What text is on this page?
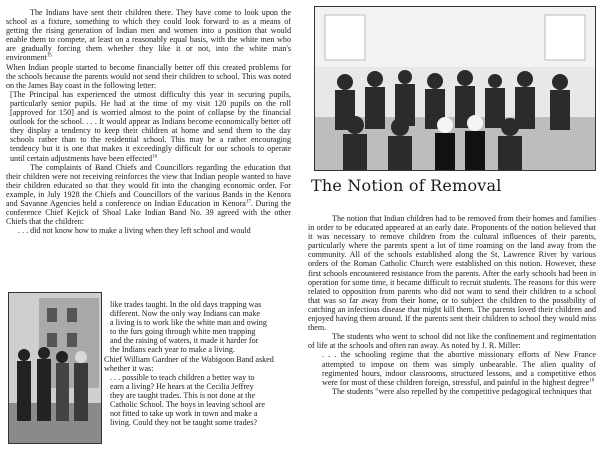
The Indians have sent their children there. They have come to look upon the school as a fixture, something to which they could look forward to as a means of getting the rising generation of Indian men and women into a position that would enable them to compete, at least on a reasonably equal basis, with the white men who are gradually forcing them whether they like it or not, into the white man's environment$^{15}$

When Indian people started to become financially better off this created problems for the schools because the parents would not send their children to school. This was noted on the James Bay coast in the following letter:

[The Principal has experienced the utmost difficulty this year in securing pupils, particularly senior pupils. He had at the time of my visit 120 pupils on the roll [approved for 150] and is worried almost to the point of collapse by the financial outlook for the school. . . . It would appear as Indians become economically better off they display a tendency to keep their children at home and send them to the day schools rather than to the residential school. This may be a rather encouraging tendency but it is one that makes it exceedingly difficult for our schools to operate until certain adjustments have been effected$^{16}$

The complaints of Band Chiefs and Councillors regarding the education that their children were not receiving reinforces the view that Indian people wanted to have their children educated so that they would fit into the changing economic order. For example, in July 1928 the Chiefs and Councillors of the various Bands in the Kenora and Savanne Agencies held a conference on Indian Education in Kenora$^{17}$. During the conference Chief Kejick of Shoal Lake Indian Band No. 39 agreed with the other Chiefs that the children:

. . . did not know how to make a living when they left school and would

like trades taught. In the old days trapping was

different. Now the only way Indians can make

a living is to work like the white man and owing

to the furs going through white men trapping

and the raising of waters, it made it harder for

the Indians each year to make a living.

Chief William Gardner of the Wabigoon Band asked

whether it was:

. . . possible to teach children a better way to

earn a living? He hears at the Cecilia Jeffrey

they are taught trades. This is not done at the

Catholic School. The boys in leaving school are

not fitted to take up work in town and make a

living. Could they not be taught some trades?

The Notion of Removal

The notion that Indian children had to be removed from their homes and families in order to be educated appeared at an early date. Proponents of the notion believed that it was necessary to remove children from the cultural influences of their parents, particularly where the parents spent a lot of time roaming on the land away from the community. All of the schools established along the St. Lawrence River by various orders of the Roman Catholic Church were established on this notion. However, these first schools encountered resistance from the parents. After the early schools had been in operation for some time, it became difficult to recruit students. The reasons for this were related to opposition from parents who did not want to send their children to a school that was so far away from their home, or to subject the children to the possibility of catching an infectious disease that might kill them. The parents loved their children and enjoyed having them around. If the parents sent their children to school they would miss them.

The students who went to school did not like the confinement and regimentation of life at the schools and often ran away. As noted by J. R. Miller:

. . . the schooling regime that the abortive missionary efforts of New France attempted to impose on them was simply unbearable. The alien quality of regimented hours, indoor classrooms, structured lessons, and a competitive ethos were for most of these children foreign, stressful, and painful in the highest degree$^{18}$

The students "were also repelled by the competitive pedagogical techniques that
